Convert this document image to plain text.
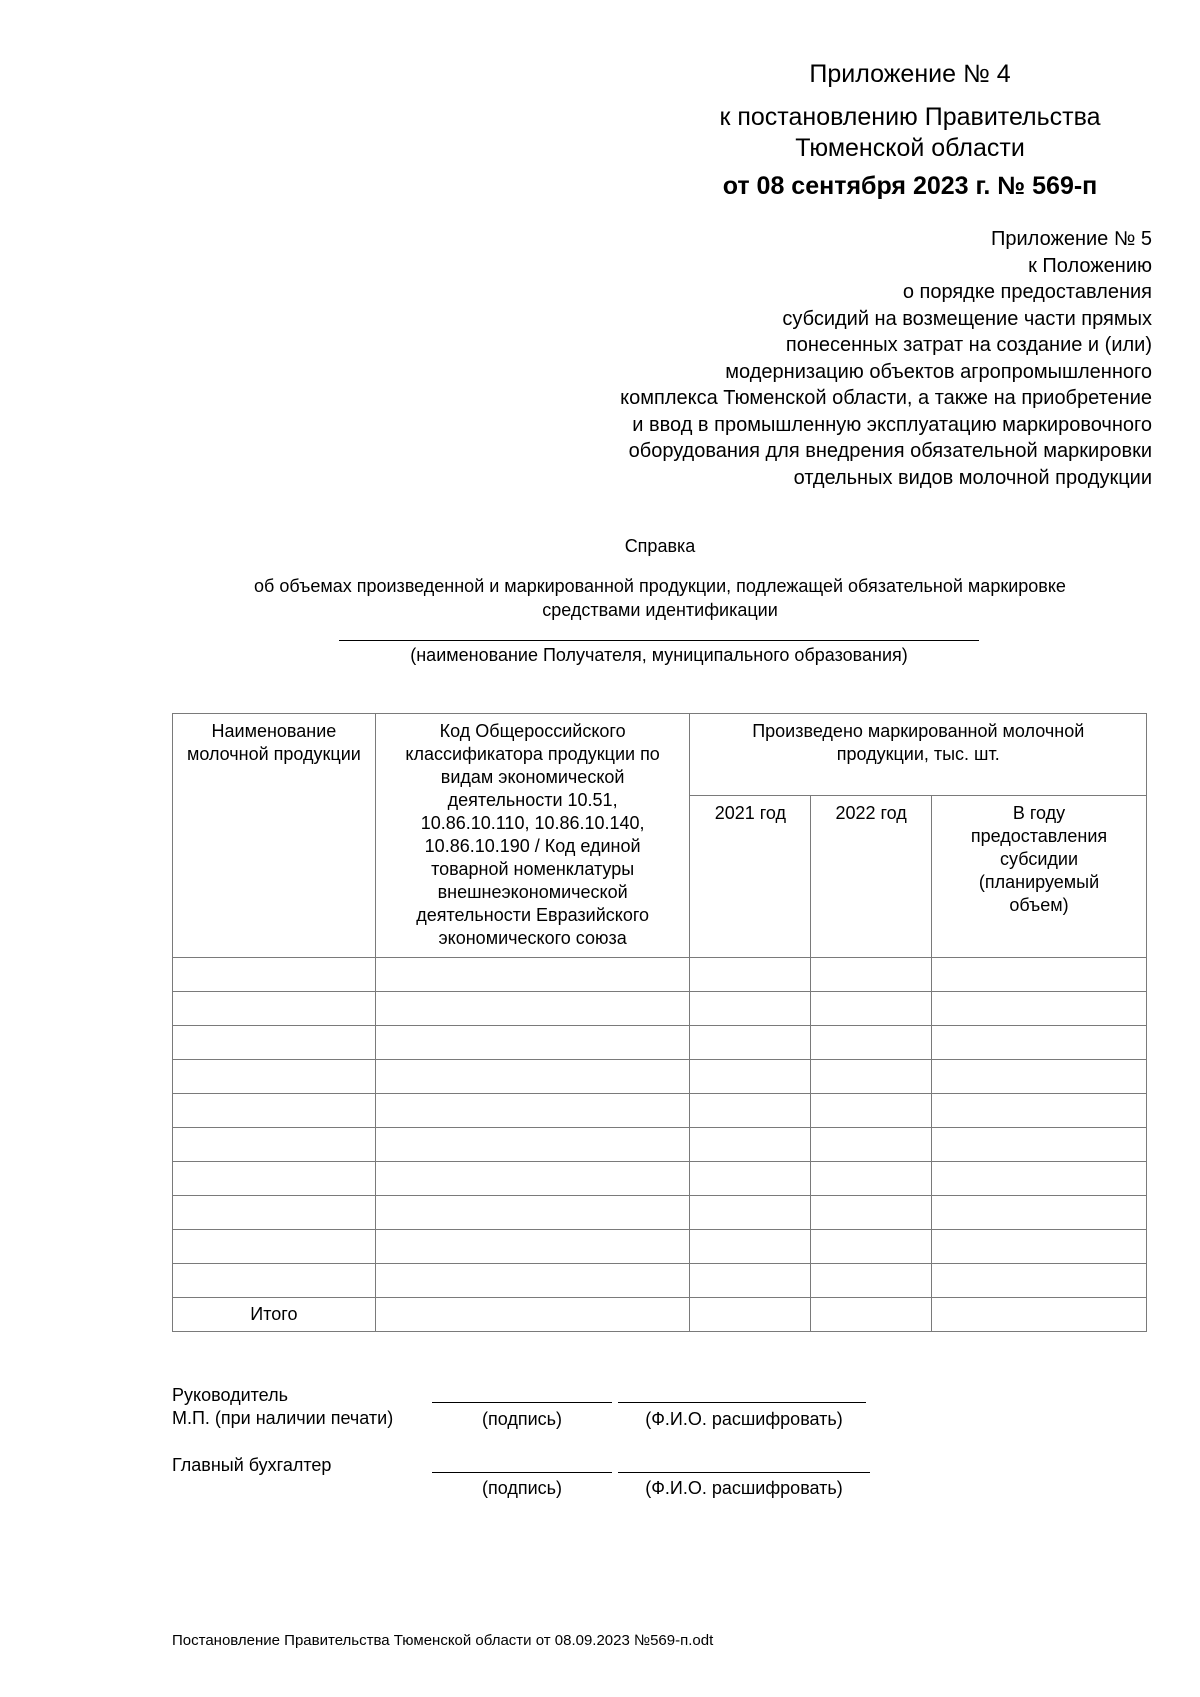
Приложение № 4
к постановлению Правительства
Тюменской области
от 08 сентября 2023 г. № 569-п
Приложение № 5
к Положению
о порядке предоставления
субсидий на возмещение части прямых
понесенных затрат на создание и (или)
модернизацию объектов агропромышленного
комплекса Тюменской области, а также на приобретение
и ввод в промышленную эксплуатацию маркировочного
оборудования для внедрения обязательной маркировки
отдельных видов молочной продукции
Справка
об объемах произведенной и маркированной продукции, подлежащей обязательной маркировке
средствами идентификации
(наименование Получателя, муниципального образования)
Наименование молочной продукции	Код Общероссийского классификатора продукции по видам экономической деятельности 10.51, 10.86.10.110, 10.86.10.140, 10.86.10.190 / Код единой товарной номенклатуры внешнеэкономической деятельности Евразийского экономического союза	Произведено маркированной молочной продукции, тыс. шт.		

		2021 год	2022 год	В году предоставления субсидии (планируемый объем)

Итого				
Руководитель
М.П. (при наличии печати)	(подпись)	(Ф.И.О. расшифровать)
Главный бухгалтер
(подпись)	(Ф.И.О. расшифровать)
Постановление Правительства Тюменской области от 08.09.2023 №569-п.odt
